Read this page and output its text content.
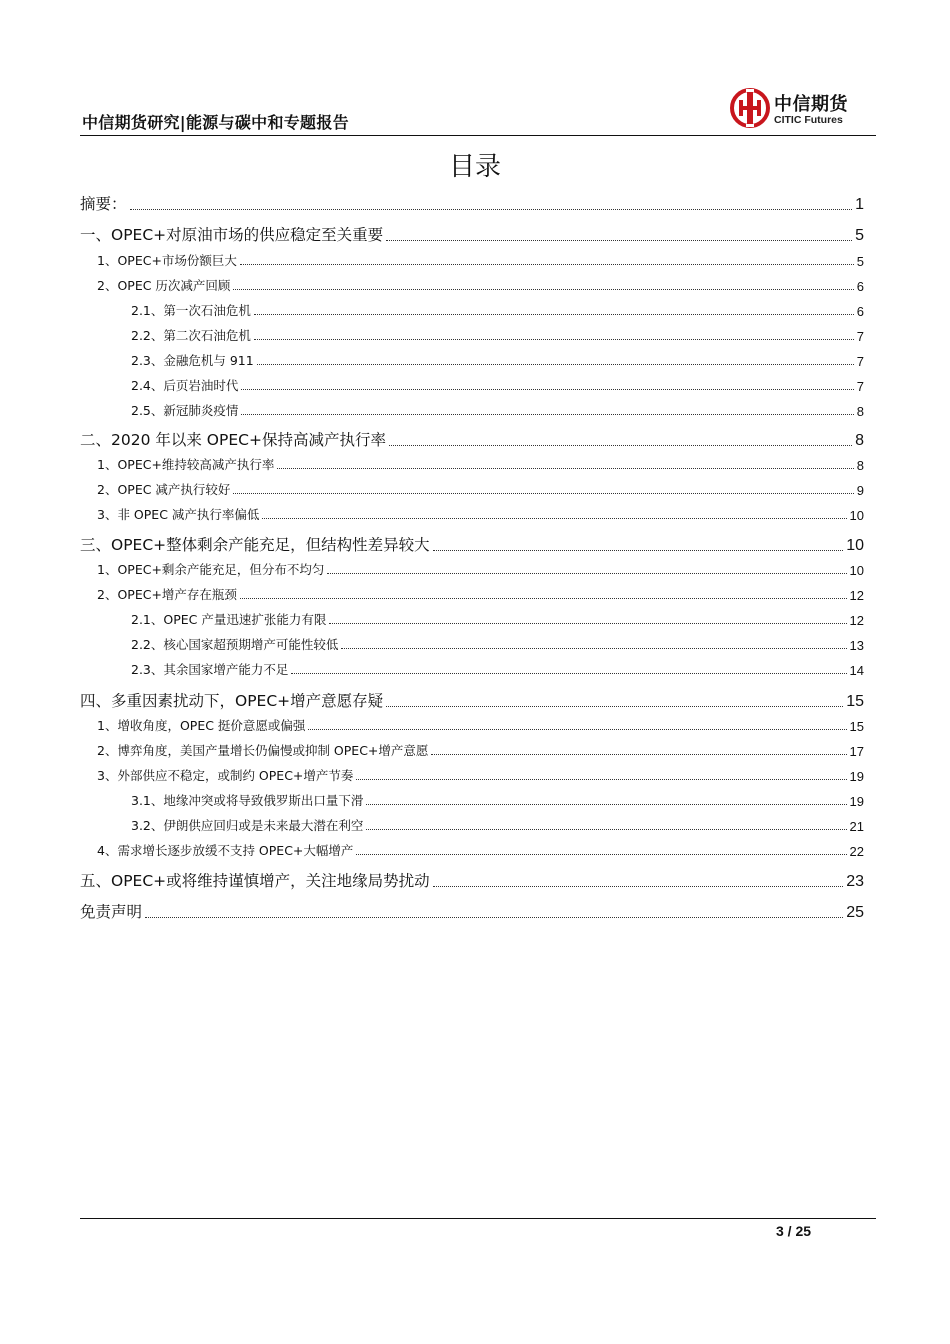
中信期货研究|能源与碳中和专题报告
中信期货
CITIC Futures
目录
摘要：	1
一、OPEC+对原油市场的供应稳定至关重要	5
1、OPEC+市场份额巨大	5
2、OPEC 历次减产回顾	6
2.1、第一次石油危机	6
2.2、第二次石油危机	7
2.3、金融危机与 911	7
2.4、后页岩油时代	7
2.5、新冠肺炎疫情	8
二、2020 年以来 OPEC+保持高减产执行率	8
1、OPEC+维持较高减产执行率	8
2、OPEC 减产执行较好	9
3、非 OPEC 减产执行率偏低	10
三、OPEC+整体剩余产能充足，但结构性差异较大	10
1、OPEC+剩余产能充足，但分布不均匀	10
2、OPEC+增产存在瓶颈	12
2.1、OPEC 产量迅速扩张能力有限	12
2.2、核心国家超预期增产可能性较低	13
2.3、其余国家增产能力不足	14
四、多重因素扰动下，OPEC+增产意愿存疑	15
1、增收角度，OPEC 挺价意愿或偏强	15
2、博弈角度，美国产量增长仍偏慢或抑制 OPEC+增产意愿	17
3、外部供应不稳定，或制约 OPEC+增产节奏	19
3.1、地缘冲突或将导致俄罗斯出口量下滑	19
3.2、伊朗供应回归或是未来最大潜在利空	21
4、需求增长逐步放缓不支持 OPEC+大幅增产	22
五、OPEC+或将维持谨慎增产，关注地缘局势扰动	23
免责声明	25
3 / 25
